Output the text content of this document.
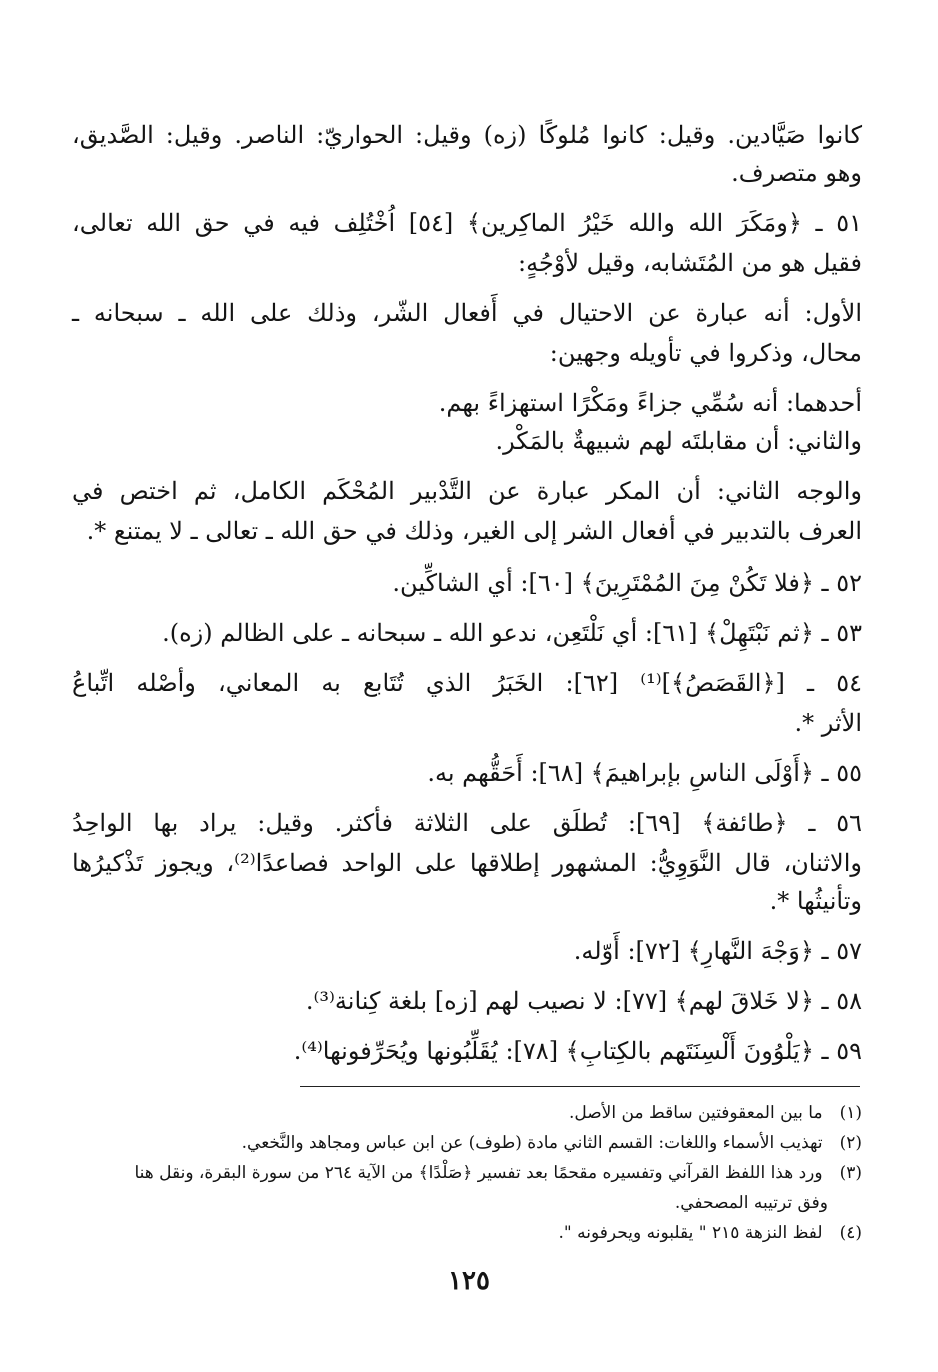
كانوا صَيَّادين. وقيل: كانوا مُلوكًا (زه) وقيل: الحواريّ: الناصر. وقيل: الصَّديق،
وهو متصرف.
٥١ ـ ﴿ومَكَرَ الله والله خَيْرُ الماكِرين﴾ [٥٤] اُخْتُلِف فيه في حق الله تعالى،
فقيل هو من المُتَشابه، وقيل لأوْجُهٍ:
الأول: أنه عبارة عن الاحتيال في أَفعال الشّر، وذلك على الله ـ سبحانه ـ
محال، وذكروا في تأويله وجهين:
أحدهما: أنه سُمِّي جزاءً ومَكْرًا استهزاءً بهم.
والثاني: أن مقابلتَه لهم شبيهةٌ بالمَكْر.
والوجه الثاني: أن المكر عبارة عن التَّدْبير المُحْكَم الكامل، ثم اختص في
العرف بالتدبير في أفعال الشر إلى الغير، وذلك في حق الله ـ تعالى ـ لا يمتنع *.
٥٢ ـ ﴿فلا تَكُنْ مِنَ المُمْتَرِينَ﴾ [٦٠]: أي الشاكِّين.
٥٣ ـ ﴿ثم نَبْتَهِلْ﴾ [٦١]: أي نَلْتَعِن، ندعو الله ـ سبحانه ـ على الظالم (زه).
٥٤ ـ [﴿القَصَصُ﴾]⁽¹⁾ [٦٢]: الخَبَرُ الذي تُتَابع به المعاني، وأصْله اتِّباعُ
الأثر *.
٥٥ ـ ﴿أَوْلَى الناسِ بإبراهيمَ﴾ [٦٨]: أَحَقُّهم به.
٥٦ ـ ﴿طائفة﴾ [٦٩]: تُطلَق على الثلاثة فأكثر. وقيل: يراد بها الواحِدُ
والاثنان، قال النَّوَوِيُّ: المشهور إطلاقها على الواحد فصاعدًا⁽²⁾، ويجوز تَذْكيرُها
وتأنيثُها *.
٥٧ ـ ﴿وَجْهَ النَّهارِ﴾ [٧٢]: أَوّله.
٥٨ ـ ﴿لا خَلاقَ لهم﴾ [٧٧]: لا نصيب لهم [زه] بلغة كِنانة⁽³⁾.
٥٩ ـ ﴿يَلْوُونَ أَلْسِنَتَهم بالكِتابِ﴾ [٧٨]: يُقَلِّبُونها ويُحَرِّفونها⁽⁴⁾.
(١) ما بين المعقوفتين ساقط من الأصل.
(٢) تهذيب الأسماء واللغات: القسم الثاني مادة (طوف) عن ابن عباس ومجاهد والنَّخعي.
(٣) ورد هذا اللفظ القرآني وتفسيره مقحمًا بعد تفسير ﴿صَلْدًا﴾ من الآية ٢٦٤ من سورة البقرة، ونقل هنا
وفق ترتيبه المصحفي.
(٤) لفظ النزهة ٢١٥ " يقلبونه ويحرفونه ".
١٢٥
